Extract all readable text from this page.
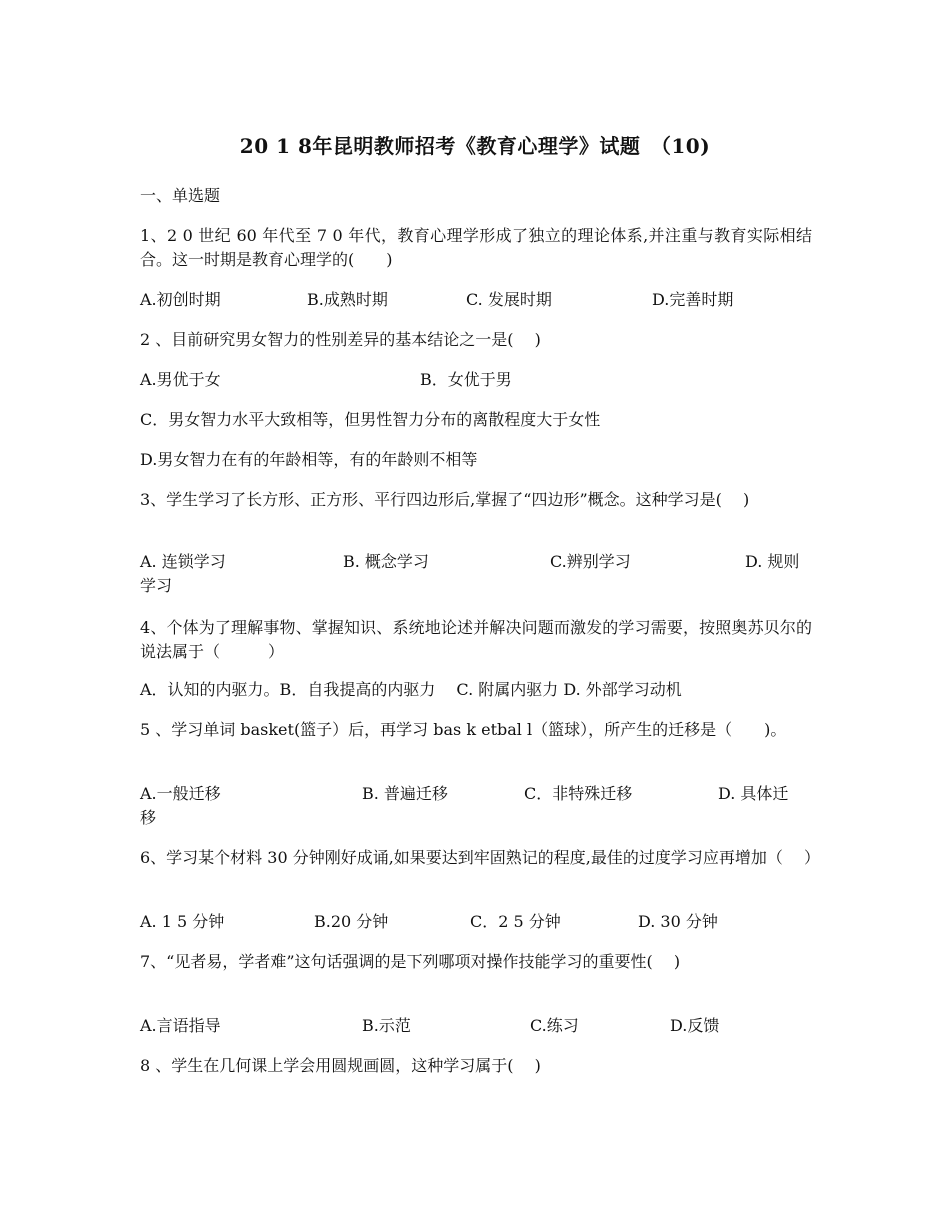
20 1 8年昆明教师招考《教育心理学》试题　（10)
一、单选题
1、2 0 世纪 60 年代至 7 0 年代，教育心理学形成了独立的理论体系,并注重与教育实际相结合。这一时期是教育心理学的(　　)
A.初创时期	B.成熟时期	C. 发展时期	D.完善时期
2 、目前研究男女智力的性别差异的基本结论之一是(　 )
A.男优于女	B．女优于男
C．男女智力水平大致相等，但男性智力分布的离散程度大于女性
D.男女智力在有的年龄相等，有的年龄则不相等
3、学生学习了长方形、正方形、平行四边形后,掌握了“四边形”概念。这种学习是(　 )
A. 连锁学习	B. 概念学习	C.辨别学习	D. 规则
学习
4、个体为了理解事物、掌握知识、系统地论述并解决问题而激发的学习需要，按照奥苏贝尔的说法属于（　　　）
A．认知的内驱力。B．自我提高的内驱力　 C. 附属内驱力 D. 外部学习动机
5 、学习单词 basket(篮子）后，再学习 bas k etbal l（篮球），所产生的迁移是（　　)。
A.一般迁移	B. 普遍迁移	C．非特殊迁移	D. 具体迁
移
6、学习某个材料 30 分钟刚好成诵,如果要达到牢固熟记的程度,最佳的过度学习应再增加（　 ）
A. 1 5 分钟	B.20 分钟	C．2 5 分钟	D. 30 分钟
7、“见者易，学者难”这句话强调的是下列哪项对操作技能学习的重要性(　 )
A.言语指导	B.示范	C.练习	D.反馈
8 、学生在几何课上学会用圆规画圆，这种学习属于(　 )
